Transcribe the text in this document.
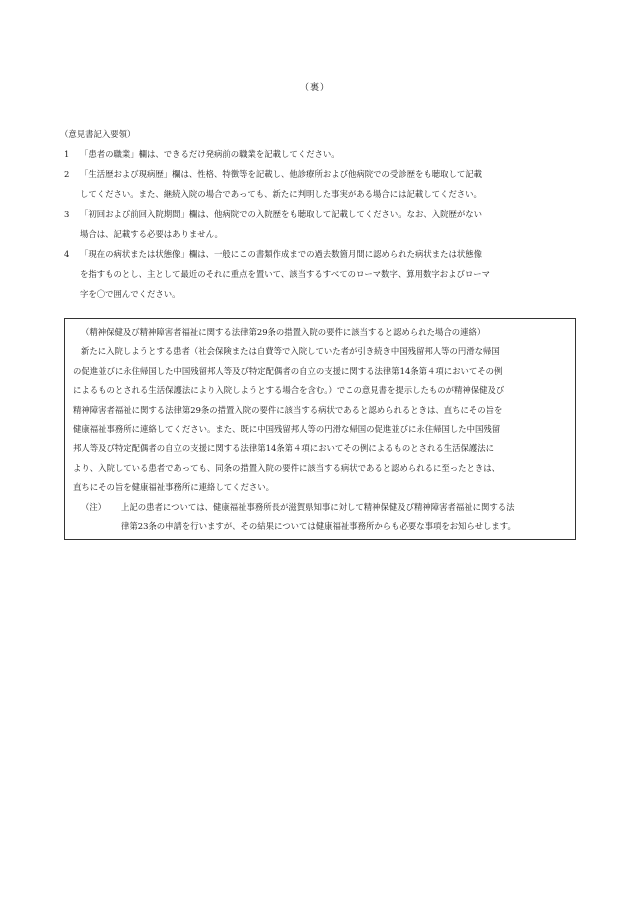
（裏）
（意見書記入要領）
1	「患者の職業」欄は、できるだけ発病前の職業を記載してください。
2	「生活歴および現病歴」欄は、性格、特徴等を記載し、他診療所および他病院での受診歴をも聴取して記載
してください。また、継続入院の場合であっても、新たに判明した事実がある場合には記載してください。
3	「初回および前回入院期間」欄は、他病院での入院歴をも聴取して記載してください。なお、入院歴がない
場合は、記載する必要はありません。
4	「現在の病状または状態像」欄は、一般にこの書類作成までの過去数箇月間に認められた病状または状態像
を指すものとし、主として最近のそれに重点を置いて、該当するすべてのローマ数字、算用数字およびローマ
字を〇で囲んでください。
（精神保健及び精神障害者福祉に関する法律第29条の措置入院の要件に該当すると認められた場合の連絡）
新たに入院しようとする患者（社会保険または自費等で入院していた者が引き続き中国残留邦人等の円滑な帰国
の促進並びに永住帰国した中国残留邦人等及び特定配偶者の自立の支援に関する法律第14条第４項においてその例
によるものとされる生活保護法により入院しようとする場合を含む。）でこの意見書を提示したものが精神保健及び
精神障害者福祉に関する法律第29条の措置入院の要件に該当する病状であると認められるときは、直ちにその旨を
健康福祉事務所に連絡してください。また、既に中国残留邦人等の円滑な帰国の促進並びに永住帰国した中国残留
邦人等及び特定配偶者の自立の支援に関する法律第14条第４項においてその例によるものとされる生活保護法に
より、入院している患者であっても、同条の措置入院の要件に該当する病状であると認められるに至ったときは、
直ちにその旨を健康福祉事務所に連絡してください。
（注）	上記の患者については、健康福祉事務所長が滋賀県知事に対して精神保健及び精神障害者福祉に関する法
律第23条の申請を行いますが、その結果については健康福祉事務所からも必要な事項をお知らせします。
